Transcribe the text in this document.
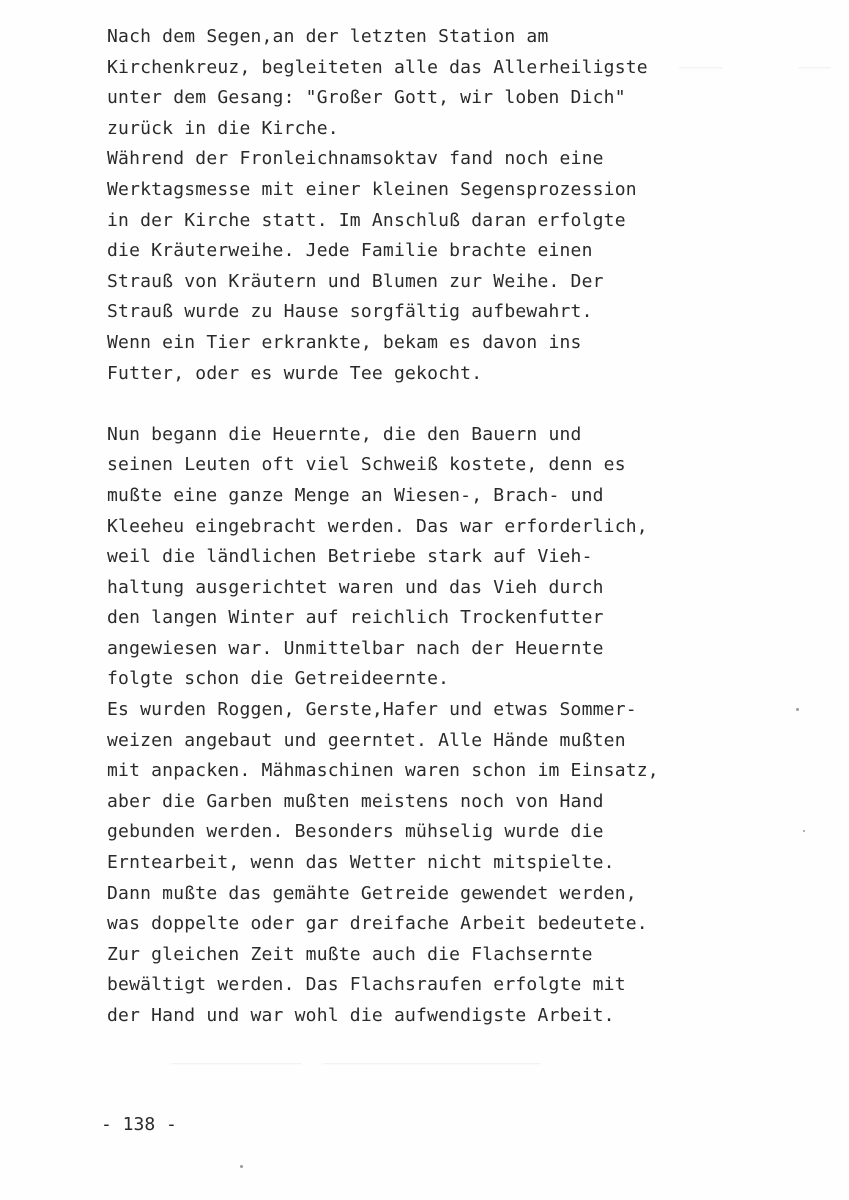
____       ___
____________  ____________________
Nach dem Segen,an der letzten Station am
Kirchenkreuz, begleiteten alle das Allerheiligste
unter dem Gesang: "Großer Gott, wir loben Dich"
zurück in die Kirche.
Während der Fronleichnamsoktav fand noch eine
Werktagsmesse mit einer kleinen Segensprozession
in der Kirche statt. Im Anschluß daran erfolgte
die Kräuterweihe. Jede Familie brachte einen
Strauß von Kräutern und Blumen zur Weihe. Der
Strauß wurde zu Hause sorgfältig aufbewahrt.
Wenn ein Tier erkrankte, bekam es davon ins
Futter, oder es wurde Tee gekocht.
Nun begann die Heuernte, die den Bauern und
seinen Leuten oft viel Schweiß kostete, denn es
mußte eine ganze Menge an Wiesen-, Brach- und
Kleeheu eingebracht werden. Das war erforderlich,
weil die ländlichen Betriebe stark auf Vieh-
haltung ausgerichtet waren und das Vieh durch
den langen Winter auf reichlich Trockenfutter
angewiesen war. Unmittelbar nach der Heuernte
folgte schon die Getreideernte.
Es wurden Roggen, Gerste,Hafer und etwas Sommer-
weizen angebaut und geerntet. Alle Hände mußten
mit anpacken. Mähmaschinen waren schon im Einsatz,
aber die Garben mußten meistens noch von Hand
gebunden werden. Besonders mühselig wurde die
Erntearbeit, wenn das Wetter nicht mitspielte.
Dann mußte das gemähte Getreide gewendet werden,
was doppelte oder gar dreifache Arbeit bedeutete.
Zur gleichen Zeit mußte auch die Flachsernte
bewältigt werden. Das Flachsraufen erfolgte mit
der Hand und war wohl die aufwendigste Arbeit.
- 138 -
